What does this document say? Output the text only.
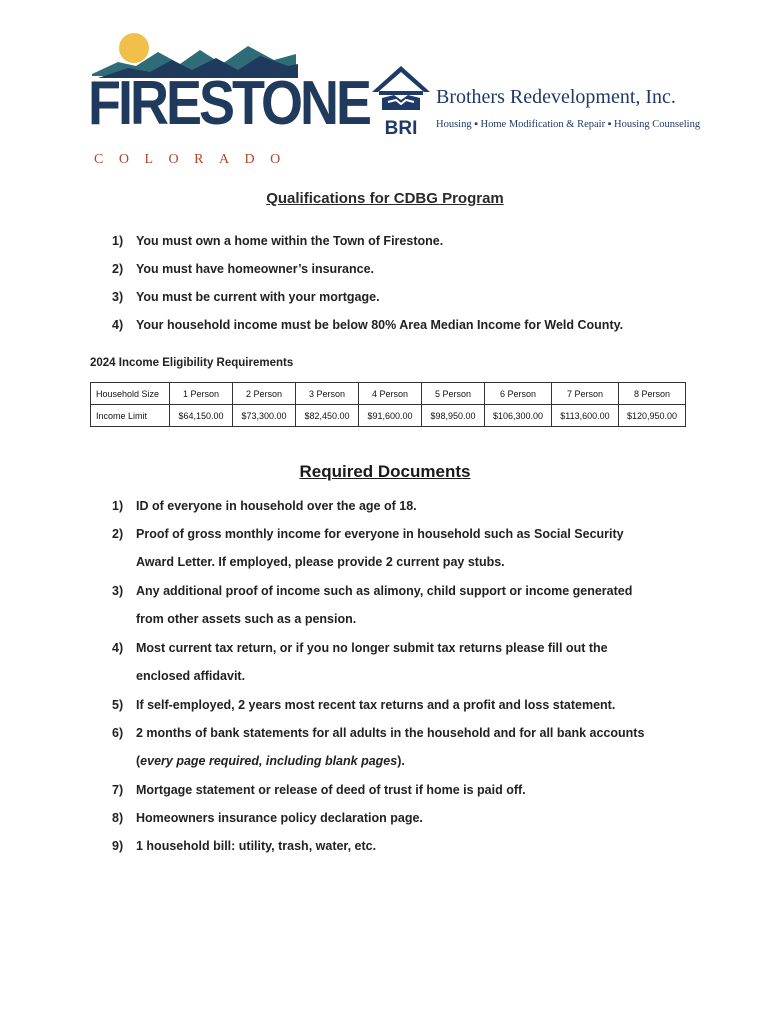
FIRESTONE
COLORADO
BRI
Brothers Redevelopment, Inc.
Housing ▪ Home Modification & Repair ▪ Housing Counseling
Qualifications for CDBG Program
1)	You must own a home within the Town of Firestone.
2)	You must have homeowner’s insurance.
3)	You must be current with your mortgage.
4)	Your household income must be below 80% Area Median Income for Weld County.
2024 Income Eligibility Requirements
Household Size	1 Person	2 Person	3 Person	4 Person	5 Person	6 Person	7 Person	8 Person
Income Limit	$64,150.00	$73,300.00	$82,450.00	$91,600.00	$98,950.00	$106,300.00	$113,600.00	$120,950.00
Required Documents
1)	ID of everyone in household over the age of 18.
2)	Proof of gross monthly income for everyone in household such as Social Security
Award Letter. If employed, please provide 2 current pay stubs.
3)	Any additional proof of income such as alimony, child support or income generated
from other assets such as a pension.
4)	Most current tax return, or if you no longer submit tax returns please fill out the
enclosed affidavit.
5)	If self-employed, 2 years most recent tax returns and a profit and loss statement.
6)	2 months of bank statements for all adults in the household and for all bank accounts
(every page required, including blank pages).
7)	Mortgage statement or release of deed of trust if home is paid off.
8)	Homeowners insurance policy declaration page.
9)	1 household bill: utility, trash, water, etc.
